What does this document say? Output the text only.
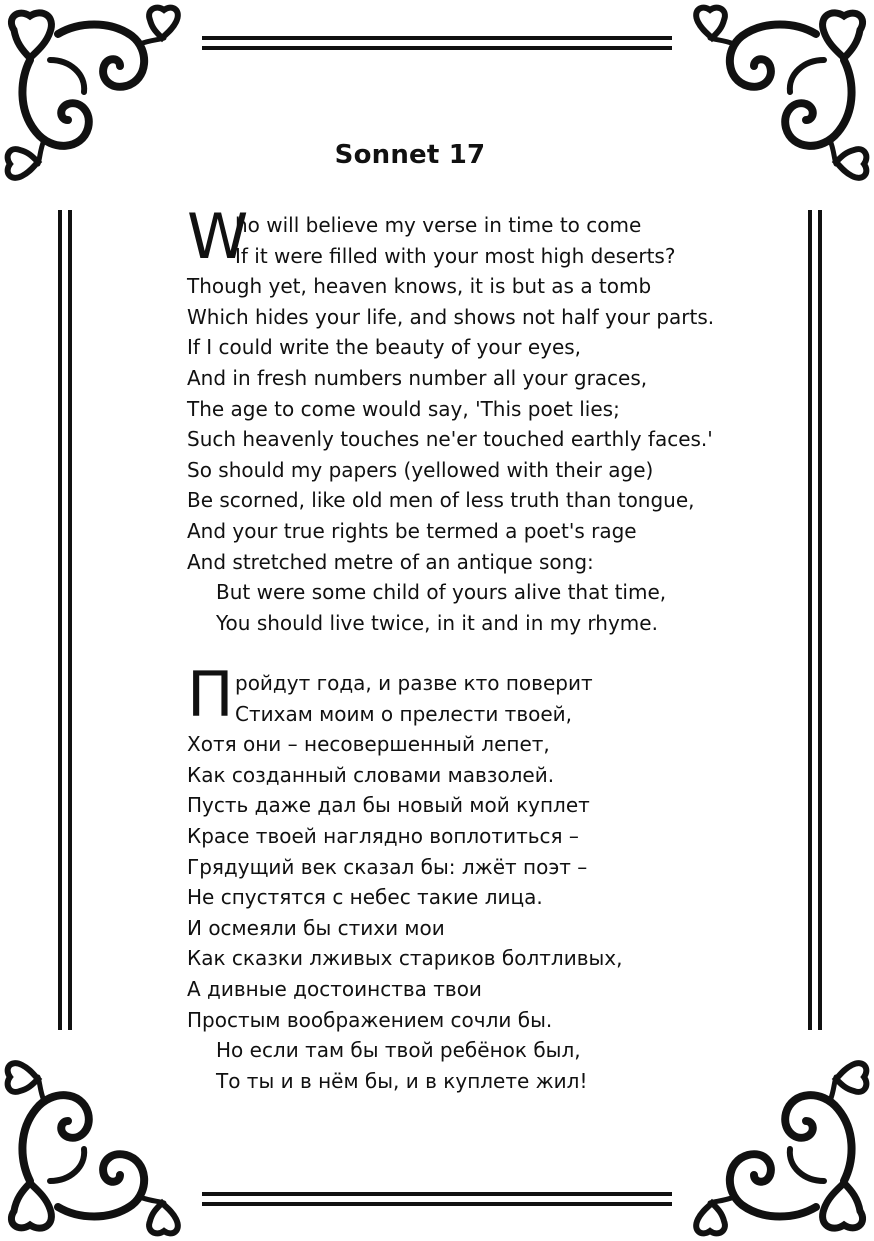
Sonnet 17
W
ho will believe my verse in time to come
If it were filled with your most high deserts?
Though yet, heaven knows, it is but as a tomb
Which hides your life, and shows not half your parts.
If I could write the beauty of your eyes,
And in fresh numbers number all your graces,
The age to come would say, 'This poet lies;
Such heavenly touches ne'er touched earthly faces.'
So should my papers (yellowed with their age)
Be scorned, like old men of less truth than tongue,
And your true rights be termed a poet's rage
And stretched metre of an antique song:
But were some child of yours alive that time,
You should live twice, in it and in my rhyme.
П ройдут года, и разве кто поверит
Стихам моим о прелести твоей,
Хотя они – несовершенный лепет,
Как созданный словами мавзолей.
Пусть даже дал бы новый мой куплет
Красе твоей наглядно воплотиться –
Грядущий век сказал бы: лжёт поэт –
Не спустятся с небес такие лица.
И осмеяли бы стихи мои
Как сказки лживых стариков болтливых,
А дивные достоинства твои
Простым воображением сочли бы.
Но если там бы твой ребёнок был,
То ты и в нём бы, и в куплете жил!
